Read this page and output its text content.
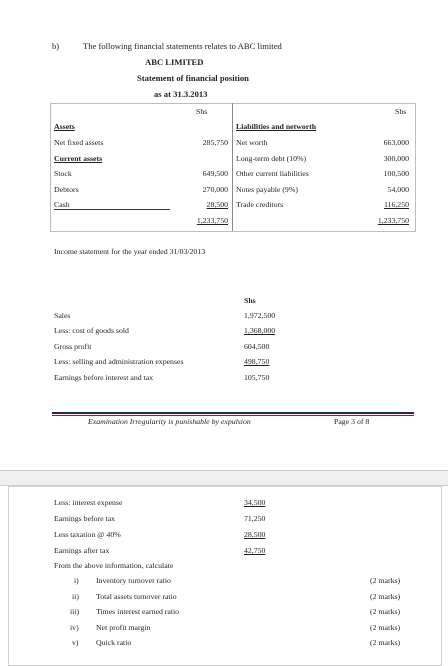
b)	The following financial statements relates to ABC limited
ABC LIMITED
Statement of financial position
as at 31.3.2013
Shs	Shs
Assets	Liabilities and networth
Net fixed assets	285,750 Net worth	663,000
Current assets	Long-term debt (10%)	300,000
Stock	649,500 Other current liabilities	100,500
Debtors	270,000 Notes payable (9%)	54,000
Cash	28,500 Trade creditors	116,250
1,233,750	1,233,750
Income statement for the year ended 31/03/2013
Shs
Sales	1,972,500
Less: cost of goods sold	1,368,000
Gross profit	604,500
Less: selling and administration expenses	498,750
Earnings before interest and tax	105,750
Examination Irregularity is punishable by expulsion	Page 3 of 8
Less: interest expense	34,500
Earnings before tax	71,250
Less taxation @ 40%	28,500
Earnings after tax	42,750
From the above information, calculate
i) Inventory turnover ratio	(2 marks)
ii) Total assets turnover ratio	(2 marks)
iii) Times interest earned ratio	(2 marks)
iv) Net profit margin	(2 marks)
v) Quick ratio	(2 marks)
